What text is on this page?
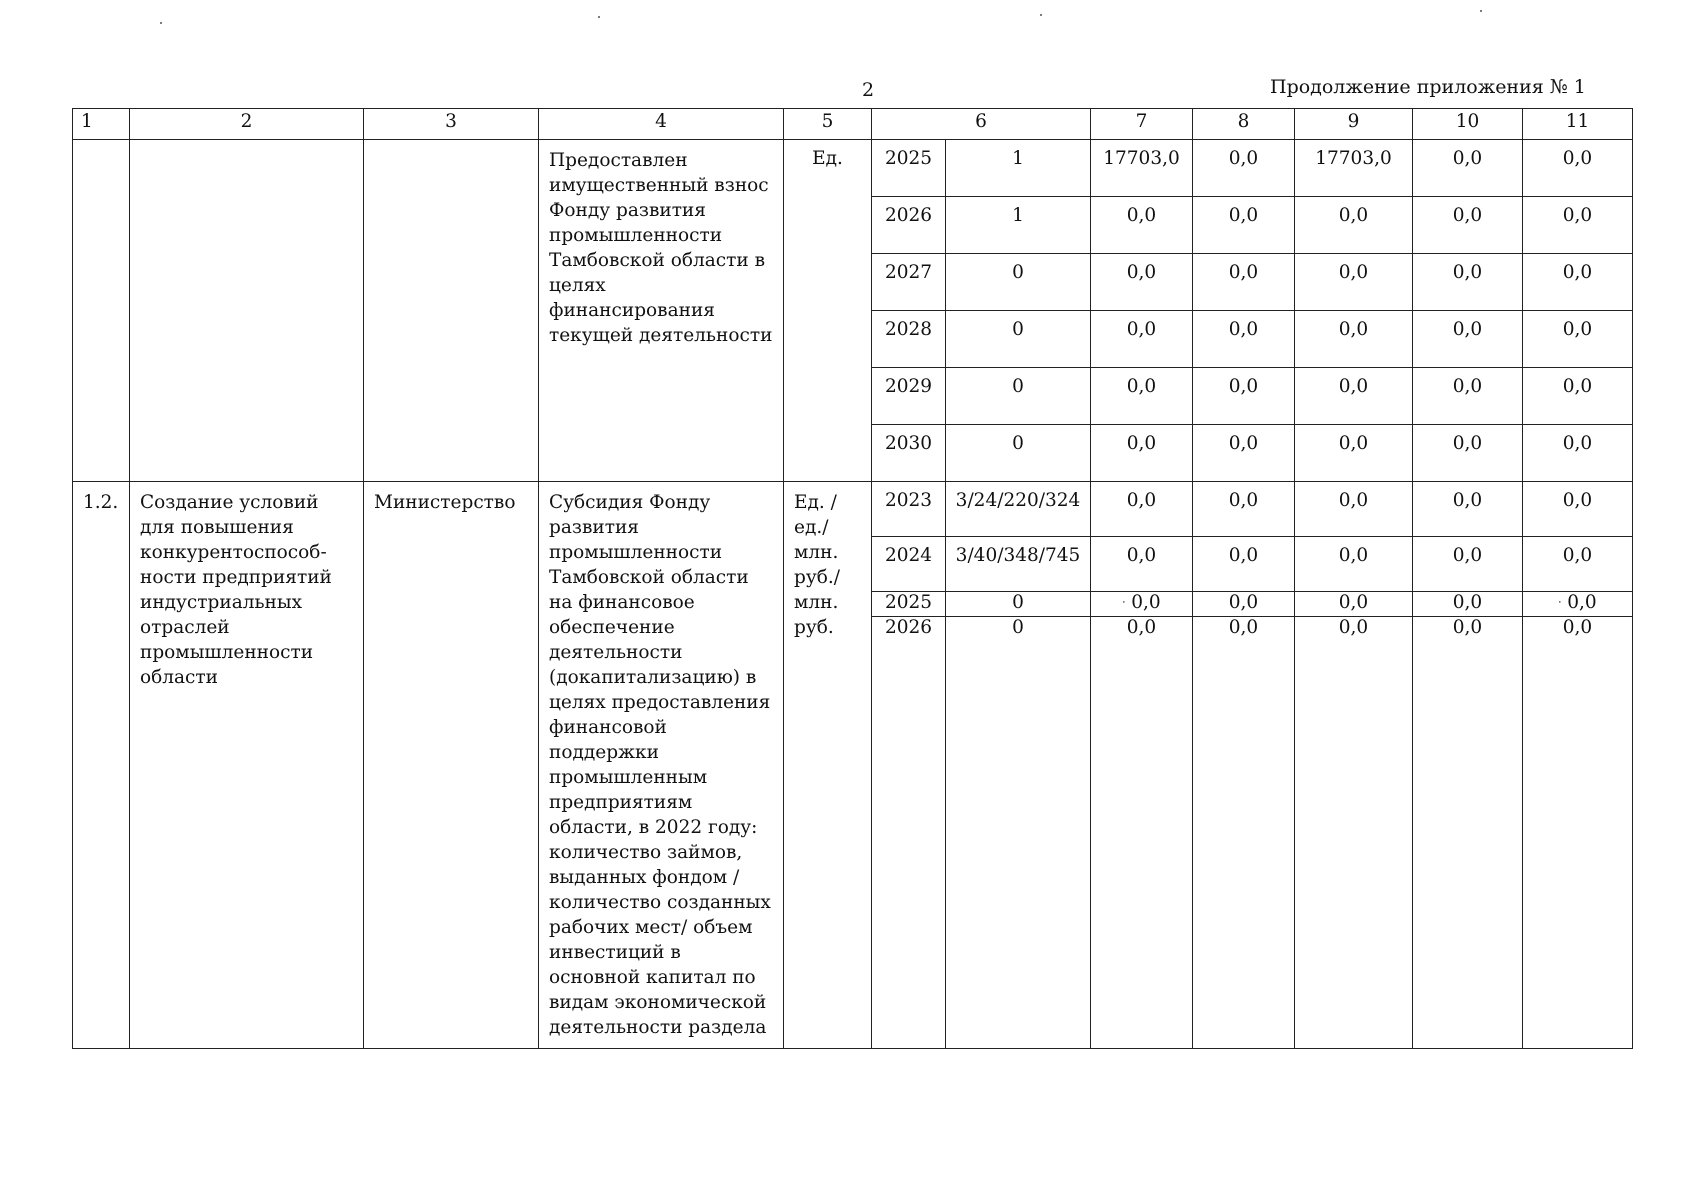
2	Продолжение приложения № 1
1	2	3	4	5	6		7	8	9	10	11
			Предоставлен имущественный взнос Фонду развития промышленности Тамбовской области в целях финансирования текущей деятельности	Ед.	2025	1	17703,0	0,0	17703,0	0,0	0,0
					2026	1	0,0	0,0	0,0	0,0	0,0
					2027	0	0,0	0,0	0,0	0,0	0,0
					2028	0	0,0	0,0	0,0	0,0	0,0
					2029	0	0,0	0,0	0,0	0,0	0,0
					2030	0	0,0	0,0	0,0	0,0	0,0
1.2.	Создание условий для повышения конкурентоспособ-ности предприятий индустриальных отраслей промышленности области	Министерство	Субсидия Фонду развития промышленности Тамбовской области на финансовое обеспечение деятельности (докапитализацию) в целях предоставления финансовой поддержки промышленным предприятиям области, в 2022 году: количество займов, выданных фондом / количество созданных рабочих мест/ объем инвестиций в основной капитал по видам экономической деятельности раздела	Ед. / ед./ млн. руб./ млн. руб.	2023	3/24/220/324	0,0	0,0	0,0	0,0	0,0
					2024	3/40/348/745	0,0	0,0	0,0	0,0	0,0
					2025	0	⸱ 0,0	0,0	0,0	0,0	⸱ 0,0
					2026	0	0,0	0,0	0,0	0,0	0,0
